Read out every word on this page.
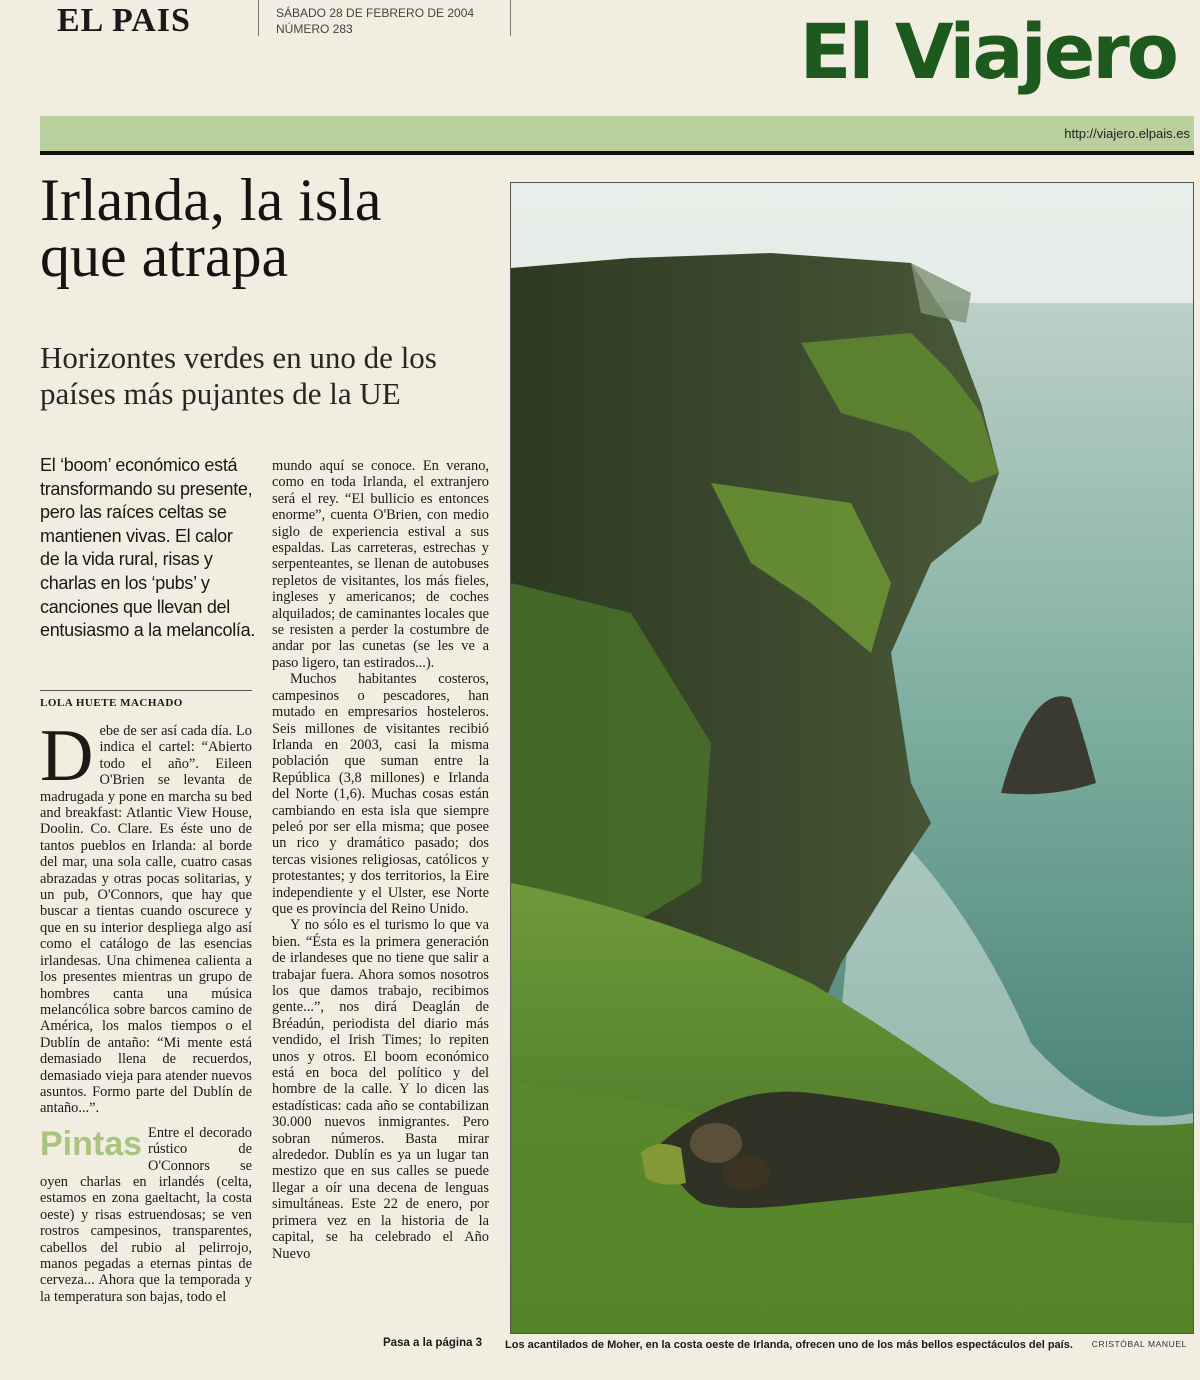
EL PAIS	SÁBADO 28 DE FEBRERO DE 2004
NÚMERO 283	El Viajero
http://viajero.elpais.es
Irlanda, la isla
que atrapa
Horizontes verdes en uno de los
países más pujantes de la UE
El ‘boom’ económico está
transformando su presente,
pero las raíces celtas se
mantienen vivas. El calor
de la vida rural, risas y
charlas en los ‘pubs’ y
canciones que llevan del
entusiasmo a la melancolía.
LOLA HUETE MACHADO

Debe de ser así cada día. Lo indica el cartel: “Abierto todo el año”. Eileen O'Brien se levanta de madrugada y pone en marcha su bed and breakfast: Atlantic View House, Doolin. Co. Clare. Es éste uno de tantos pueblos en Irlanda: al borde del mar, una sola calle, cuatro casas abrazadas y otras pocas solitarias, y un pub, O'Connors, que hay que buscar a tientas cuando oscurece y que en su interior despliega algo así como el catálogo de las esencias irlandesas. Una chimenea calienta a los presentes mientras un grupo de hombres canta una música melancólica sobre barcos camino de América, los malos tiempos o el Dublín de antaño: “Mi mente está demasiado llena de recuerdos, demasiado vieja para atender nuevos asuntos. Formo parte del Dublín de antaño...”.

Pintas Entre el decorado rústico de O'Connors se oyen charlas en irlandés (celta, estamos en zona gaeltacht, la costa oeste) y risas estruendosas; se ven rostros campesinos, transparentes, cabellos del rubio al pelirrojo, manos pegadas a eternas pintas de cerveza... Ahora que la temporada y la temperatura son bajas, todo el

mundo aquí se conoce. En verano, como en toda Irlanda, el extranjero será el rey. “El bullicio es entonces enorme”, cuenta O'Brien, con medio siglo de experiencia estival a sus espaldas. Las carreteras, estrechas y serpenteantes, se llenan de autobuses repletos de visitantes, los más fieles, ingleses y americanos; de coches alquilados; de caminantes locales que se resisten a perder la costumbre de andar por las cunetas (se les ve a paso ligero, tan estirados...).

Muchos habitantes costeros, campesinos o pescadores, han mutado en empresarios hosteleros. Seis millones de visitantes recibió Irlanda en 2003, casi la misma población que suman entre la República (3,8 millones) e Irlanda del Norte (1,6). Muchas cosas están cambiando en esta isla que siempre peleó por ser ella misma; que posee un rico y dramático pasado; dos tercas visiones religiosas, católicos y protestantes; y dos territorios, la Eire independiente y el Ulster, ese Norte que es provincia del Reino Unido.

Y no sólo es el turismo lo que va bien. “Ésta es la primera generación de irlandeses que no tiene que salir a trabajar fuera. Ahora somos nosotros los que damos trabajo, recibimos gente...”, nos dirá Deaglán de Bréadún, periodista del diario más vendido, el Irish Times; lo repiten unos y otros. El boom económico está en boca del político y del hombre de la calle. Y lo dicen las estadísticas: cada año se contabilizan 30.000 nuevos inmigrantes. Pero sobran números. Basta mirar alrededor. Dublín es ya un lugar tan mestizo que en sus calles se puede llegar a oír una decena de lenguas simultáneas. Este 22 de enero, por primera vez en la historia de la capital, se ha celebrado el Año Nuevo

Pasa a la página 3 Los acantilados de Moher, en la costa oeste de Irlanda, ofrecen uno de los más bellos espectáculos del país. CRISTÓBAL MANUEL
